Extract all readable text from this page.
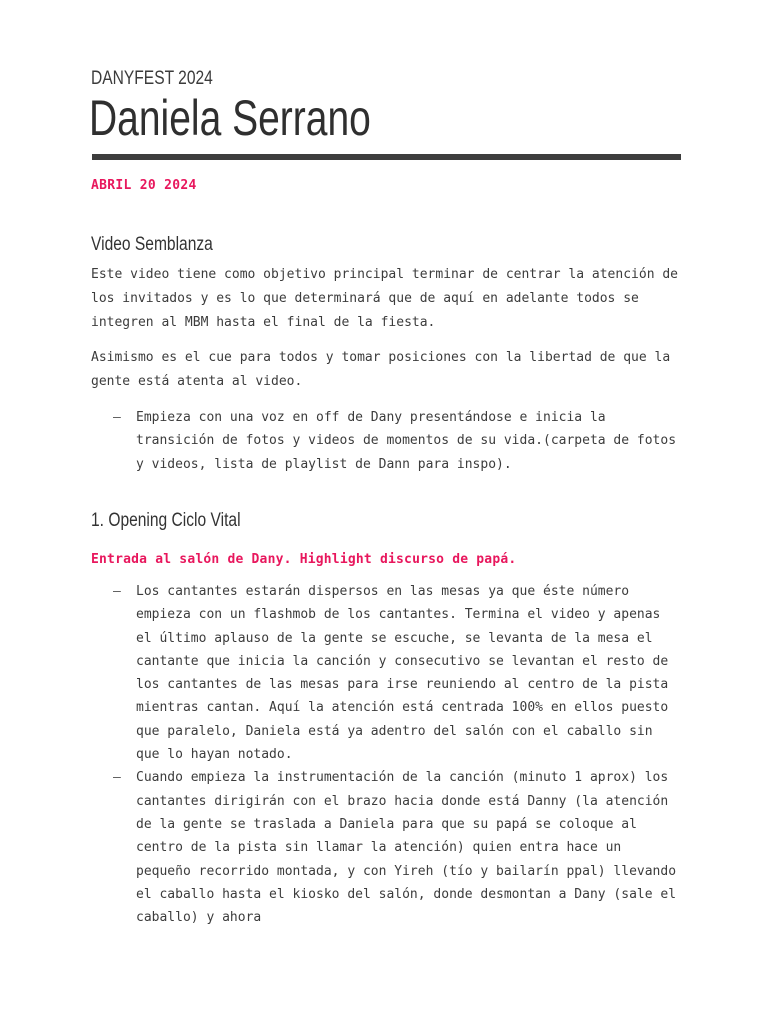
DANYFEST 2024
Daniela Serrano
ABRIL 20 2024
Video Semblanza
Este video tiene como objetivo principal terminar de centrar la atención de los invitados y es lo que determinará que de aquí en adelante todos se integren al MBM hasta el final de la fiesta.
Asimismo es el cue para todos y tomar posiciones con la libertad de que la gente está atenta al video.
– Empieza con una voz en off de Dany presentándose e inicia la transición de fotos y videos de momentos de su vida.(carpeta de fotos y videos, lista de playlist de Dann para inspo).
1. Opening Ciclo Vital
Entrada al salón de Dany. Highlight discurso de papá.
– Los cantantes estarán dispersos en las mesas ya que éste número empieza con un flashmob de los cantantes. Termina el video y apenas el último aplauso de la gente se escuche, se levanta de la mesa el cantante que inicia la canción y consecutivo se levantan el resto de los cantantes de las mesas para irse reuniendo al centro de la pista mientras cantan. Aquí la atención está centrada 100% en ellos puesto que paralelo, Daniela está ya adentro del salón con el caballo sin que lo hayan notado.
– Cuando empieza la instrumentación de la canción (minuto 1 aprox) los cantantes dirigirán con el brazo hacia donde está Danny (la atención de la gente se traslada a Daniela para que su papá se coloque al centro de la pista sin llamar la atención) quien entra hace un pequeño recorrido montada, y con Yireh (tío y bailarín ppal) llevando el caballo hasta el kiosko del salón, donde desmontan a Dany (sale el caballo) y ahora
